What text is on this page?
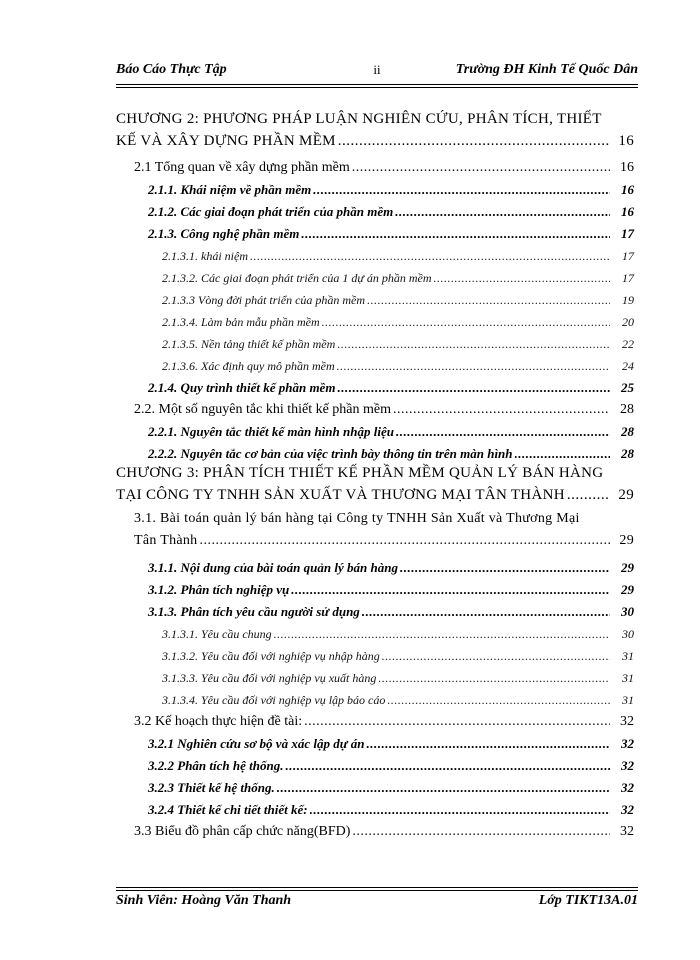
Báo Cáo Thực Tập	ii	Trường ĐH Kinh Tế Quốc Dân
CHƯƠNG 2: PHƯƠNG PHÁP LUẬN NGHIÊN CỨU, PHÂN TÍCH, THIẾT
KẾ VÀ XÂY DỰNG PHẦN MỀM .....	16
2.1 Tổng quan về xây dựng phần mềm .....	16
2.1.1. Khái niệm về phần mềm .....	16
2.1.2. Các giai đoạn phát triển của phần mềm .....	16
2.1.3. Công nghệ phần mềm .....	17
2.1.3.1. khái niệm .....	17
2.1.3.2. Các giai đoạn phát triển của 1 dự án phần mềm .....	17
2.1.3.3 Vòng đời phát triển của phần mềm .....	19
2.1.3.4. Làm bản mẫu phần mềm .....	20
2.1.3.5. Nền tảng thiết kế phần mềm .....	22
2.1.3.6. Xác định quy mô phần mềm .....	24
2.1.4. Quy trình thiết kế phần mềm .....	25
2.2. Một số nguyên tắc khi thiết kế phần mềm .....	28
2.2.1. Nguyên tắc thiết kế màn hình nhập liệu .....	28
2.2.2. Nguyên tắc cơ bản của việc trình bày thông tin trên màn hình .....	28
CHƯƠNG 3: PHÂN TÍCH THIẾT KẾ PHẦN MỀM QUẢN LÝ BÁN HÀNG
TẠI CÔNG TY TNHH SẢN XUẤT VÀ THƯƠNG MẠI TÂN THÀNH .....	29
3.1. Bài toán quản lý bán hàng tại Công ty TNHH Sản Xuất và Thương Mại
Tân Thành .....	29
3.1.1. Nội dung của bài toán quản lý bán hàng .....	29
3.1.2. Phân tích nghiệp vụ .....	29
3.1.3. Phân tích yêu cầu người sử dụng .....	30
3.1.3.1. Yêu cầu chung .....	30
3.1.3.2. Yêu cầu đối với nghiệp vụ nhập hàng .....	31
3.1.3.3. Yêu cầu đối với nghiệp vụ xuất hàng .....	31
3.1.3.4. Yêu cầu đối với nghiệp vụ lập báo cáo .....	31
3.2 Kế hoạch thực hiện đề tài: .....	32
3.2.1 Nghiên cứu sơ bộ và xác lập dự án .....	32
3.2.2 Phân tích hệ thống. .....	32
3.2.3 Thiết kế hệ thống. .....	32
3.2.4 Thiết kế chi tiết thiết kế: .....	32
3.3 Biểu đồ phân cấp chức năng(BFD) .....	32
Sinh Viên: Hoàng Văn Thanh	Lớp TIKT13A.01
